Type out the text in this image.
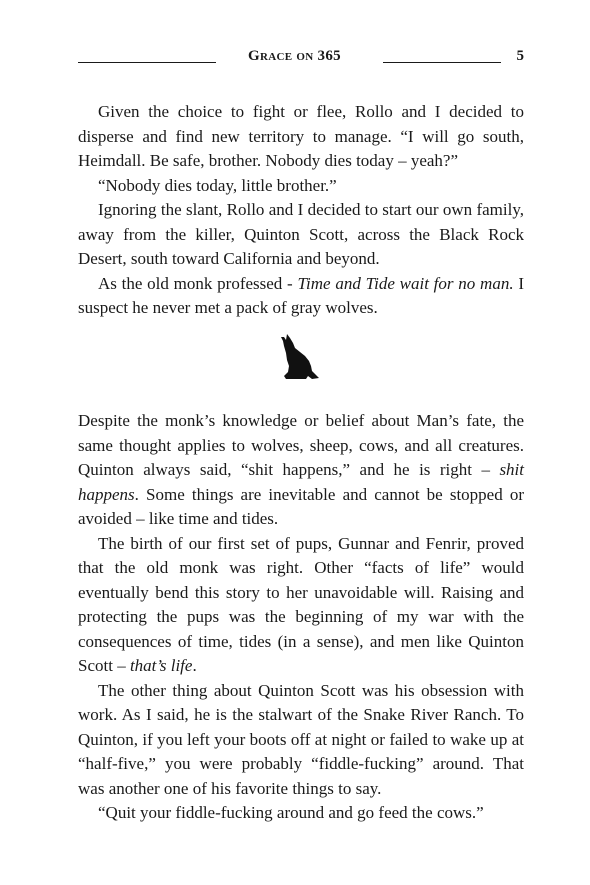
Grace on 365	5

Given the choice to fight or flee, Rollo and I decided to disperse and find new territory to manage. “I will go south, Heimdall. Be safe, brother. Nobody dies today – yeah?”

“Nobody dies today, little brother.”

Ignoring the slant, Rollo and I decided to start our own family, away from the killer, Quinton Scott, across the Black Rock Desert, south toward California and beyond.

As the old monk professed - Time and Tide wait for no man. I suspect he never met a pack of gray wolves.

Despite the monk’s knowledge or belief about Man’s fate, the same thought applies to wolves, sheep, cows, and all creatures. Quinton always said, “shit happens,” and he is right – shit happens. Some things are inevitable and cannot be stopped or avoided – like time and tides.

The birth of our first set of pups, Gunnar and Fenrir, proved that the old monk was right. Other “facts of life” would eventually bend this story to her unavoidable will. Raising and protecting the pups was the beginning of my war with the consequences of time, tides (in a sense), and men like Quinton Scott – that’s life.

The other thing about Quinton Scott was his obsession with work. As I said, he is the stalwart of the Snake River Ranch. To Quinton, if you left your boots off at night or failed to wake up at “half-five,” you were probably “fiddle-fucking” around. That was another one of his favorite things to say.

“Quit your fiddle-fucking around and go feed the cows.”
